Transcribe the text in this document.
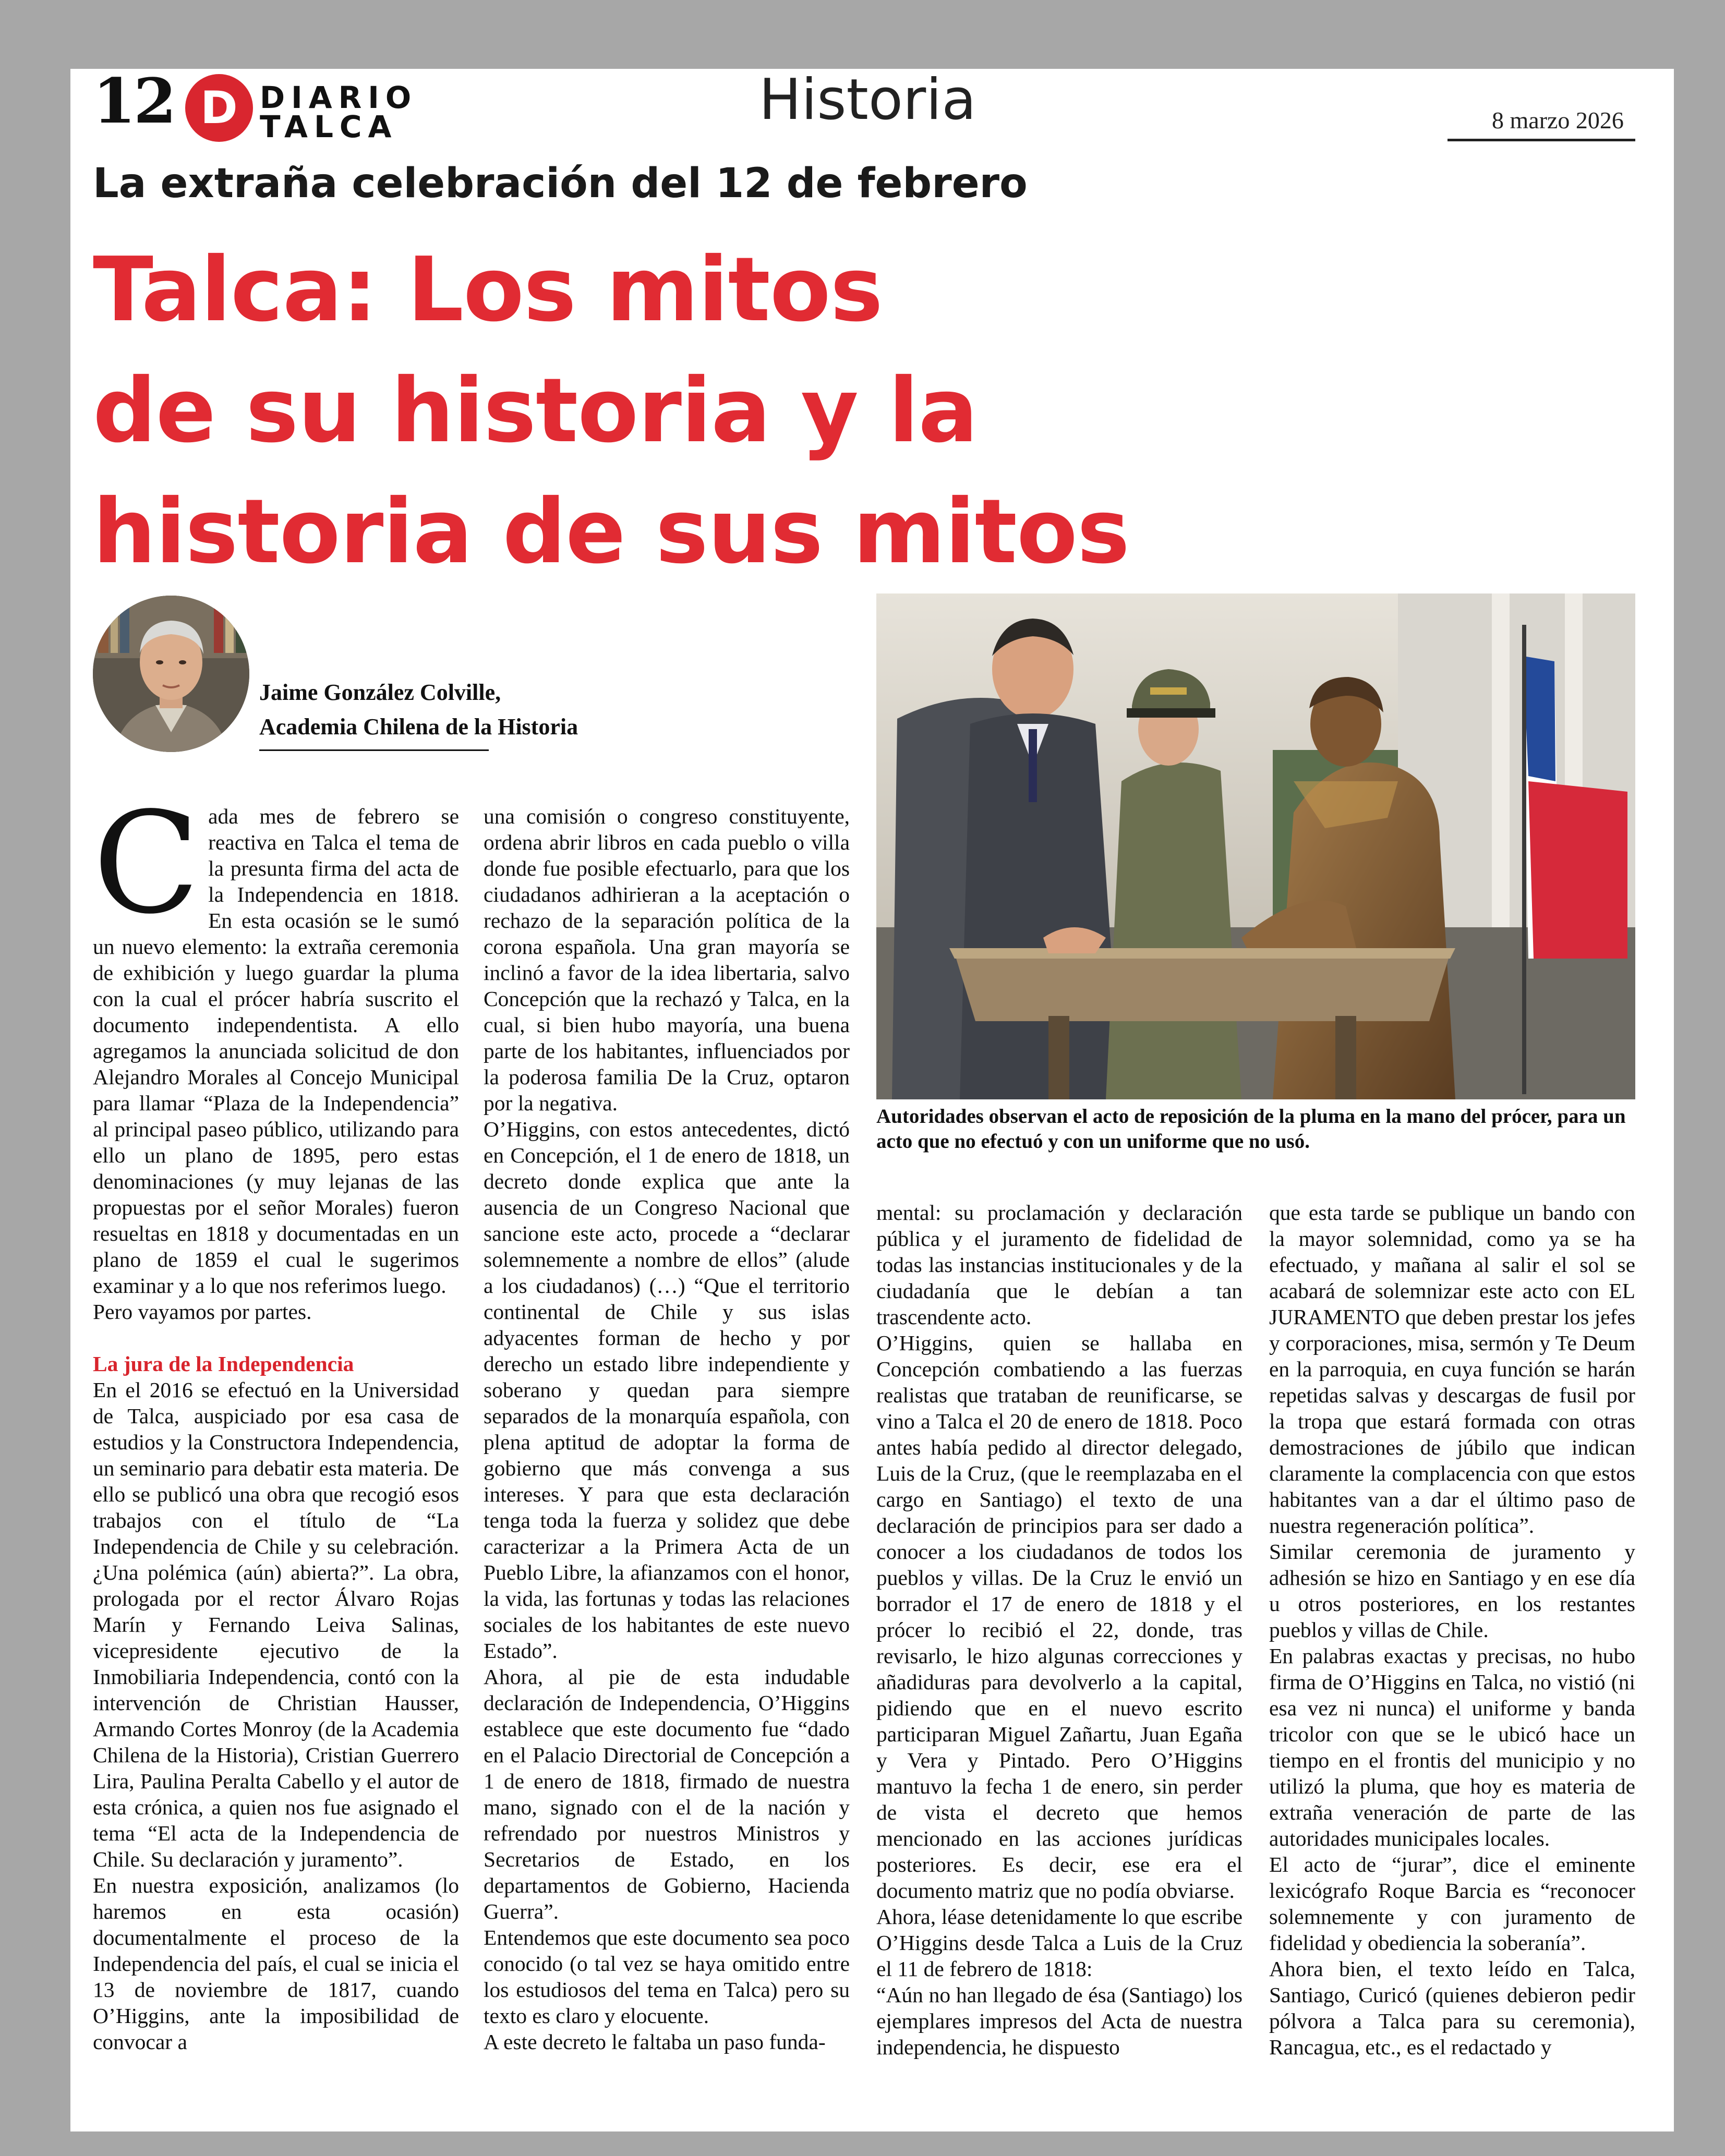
12 D DIARIO
TALCA	Historia	8 marzo 2026
La extraña celebración del 12 de febrero
Talca: Los mitos
de su historia y la
historia de sus mitos
Jaime González Colville,
Academia Chilena de la Historia
Autoridades observan el acto de reposición de la pluma en la mano del prócer, para un acto que no efectuó y con un uniforme que no usó.

Cada mes de febrero se reactiva en Talca el tema de la presunta firma del acta de la Independencia en 1818. En esta ocasión se le sumó un nuevo elemento: la extraña ceremonia de exhibición y luego guardar la pluma con la cual el prócer habría suscrito el documento independentista. A ello agregamos la anunciada solicitud de don Alejandro Morales al Concejo Municipal para llamar “Plaza de la Independencia” al principal paseo público, utilizando para ello un plano de 1895, pero estas denominaciones (y muy lejanas de las propuestas por el señor Morales) fueron resueltas en 1818 y documentadas en un plano de 1859 el cual le sugerimos examinar y a lo que nos referimos luego.

Pero vayamos por partes.

La jura de la Independencia

En el 2016 se efectuó en la Universidad de Talca, auspiciado por esa casa de estudios y la Constructora Independencia, un seminario para debatir esta materia. De ello se publicó una obra que recogió esos trabajos con el título de “La Independencia de Chile y su celebración. ¿Una polémica (aún) abierta?”. La obra, prologada por el rector Álvaro Rojas Marín y Fernando Leiva Salinas, vicepresidente ejecutivo de la Inmobiliaria Independencia, contó con la intervención de Christian Hausser, Armando Cortes Monroy (de la Academia Chilena de la Historia), Cristian Guerrero Lira, Paulina Peralta Cabello y el autor de esta crónica, a quien nos fue asignado el tema “El acta de la Independencia de Chile. Su declaración y juramento”.

En nuestra exposición, analizamos (lo haremos en esta ocasión) documentalmente el proceso de la Independencia del país, el cual se inicia el 13 de noviembre de 1817, cuando O’Higgins, ante la imposibilidad de convocar a

una comisión o congreso constituyente, ordena abrir libros en cada pueblo o villa donde fue posible efectuarlo, para que los ciudadanos adhirieran a la aceptación o rechazo de la separación política de la corona española. Una gran mayoría se inclinó a favor de la idea libertaria, salvo Concepción que la rechazó y Talca, en la cual, si bien hubo mayoría, una buena parte de los habitantes, influenciados por la poderosa familia De la Cruz, optaron por la negativa.

O’Higgins, con estos antecedentes, dictó en Concepción, el 1 de enero de 1818, un decreto donde explica que ante la ausencia de un Congreso Nacional que sancione este acto, procede a “declarar solemnemente a nombre de ellos” (alude a los ciudadanos) (…) “Que el territorio continental de Chile y sus islas adyacentes forman de hecho y por derecho un estado libre independiente y soberano y quedan para siempre separados de la monarquía española, con plena aptitud de adoptar la forma de gobierno que más convenga a sus intereses. Y para que esta declaración tenga toda la fuerza y solidez que debe caracterizar a la Primera Acta de un Pueblo Libre, la afianzamos con el honor, la vida, las fortunas y todas las relaciones sociales de los habitantes de este nuevo Estado”.

Ahora, al pie de esta indudable declaración de Independencia, O’Higgins establece que este documento fue “dado en el Palacio Directorial de Concepción a 1 de enero de 1818, firmado de nuestra mano, signado con el de la nación y refrendado por nuestros Ministros y Secretarios de Estado, en los departamentos de Gobierno, Hacienda Guerra”.

Entendemos que este documento sea poco conocido (o tal vez se haya omitido entre los estudiosos del tema en Talca) pero su texto es claro y elocuente.

A este decreto le faltaba un paso funda-

mental: su proclamación y declaración pública y el juramento de fidelidad de todas las instancias institucionales y de la ciudadanía que le debían a tan trascendente acto.

O’Higgins, quien se hallaba en Concepción combatiendo a las fuerzas realistas que trataban de reunificarse, se vino a Talca el 20 de enero de 1818. Poco antes había pedido al director delegado, Luis de la Cruz, (que le reemplazaba en el cargo en Santiago) el texto de una declaración de principios para ser dado a conocer a los ciudadanos de todos los pueblos y villas. De la Cruz le envió un borrador el 17 de enero de 1818 y el prócer lo recibió el 22, donde, tras revisarlo, le hizo algunas correcciones y añadiduras para devolverlo a la capital, pidiendo que en el nuevo escrito participaran Miguel Zañartu, Juan Egaña y Vera y Pintado. Pero O’Higgins mantuvo la fecha 1 de enero, sin perder de vista el decreto que hemos mencionado en las acciones jurídicas posteriores. Es decir, ese era el documento matriz que no podía obviarse.

Ahora, léase detenidamente lo que escribe O’Higgins desde Talca a Luis de la Cruz el 11 de febrero de 1818:

“Aún no han llegado de ésa (Santiago) los ejemplares impresos del Acta de nuestra independencia, he dispuesto

que esta tarde se publique un bando con la mayor solemnidad, como ya se ha efectuado, y mañana al salir el sol se acabará de solemnizar este acto con EL JURAMENTO que deben prestar los jefes y corporaciones, misa, sermón y Te Deum en la parroquia, en cuya función se harán repetidas salvas y descargas de fusil por la tropa que estará formada con otras demostraciones de júbilo que indican claramente la complacencia con que estos habitantes van a dar el último paso de nuestra regeneración política”.

Similar ceremonia de juramento y adhesión se hizo en Santiago y en ese día u otros posteriores, en los restantes pueblos y villas de Chile.

En palabras exactas y precisas, no hubo firma de O’Higgins en Talca, no vistió (ni esa vez ni nunca) el uniforme y banda tricolor con que se le ubicó hace un tiempo en el frontis del municipio y no utilizó la pluma, que hoy es materia de extraña veneración de parte de las autoridades municipales locales.

El acto de “jurar”, dice el eminente lexicógrafo Roque Barcia es “reconocer solemnemente y con juramento de fidelidad y obediencia la soberanía”.

Ahora bien, el texto leído en Talca, Santiago, Curicó (quienes debieron pedir pólvora a Talca para su ceremonia), Rancagua, etc., es el redactado y
